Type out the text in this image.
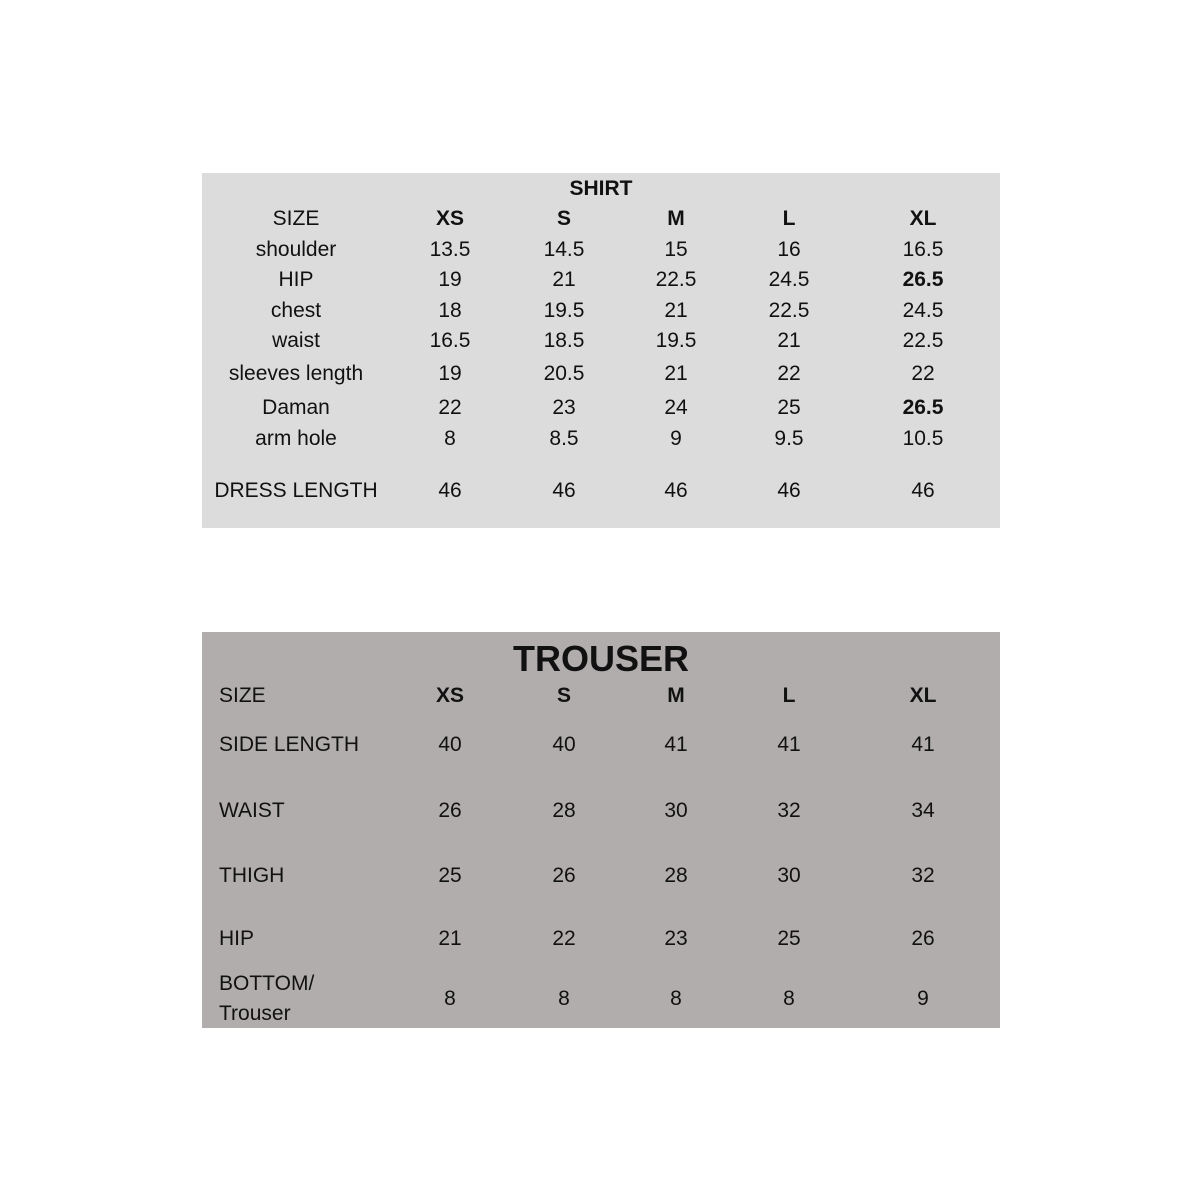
SHIRT
SIZE	XS	S	M	L	XL
shoulder	13.5	14.5	15	16	16.5
HIP	19	21	22.5	24.5	26.5
chest	18	19.5	21	22.5	24.5
waist	16.5	18.5	19.5	21	22.5
sleeves length	19	20.5	21	22	22
Daman	22	23	24	25	26.5
arm hole	8	8.5	9	9.5	10.5
DRESS LENGTH	46	46	46	46	46
TROUSER
SIZE	XS	S	M	L	XL
SIDE LENGTH	40	40	41	41	41
WAIST	26	28	30	32	34
THIGH	25	26	28	30	32
HIP	21	22	23	25	26
BOTTOM/
Trouser
8	8	8	8	9
